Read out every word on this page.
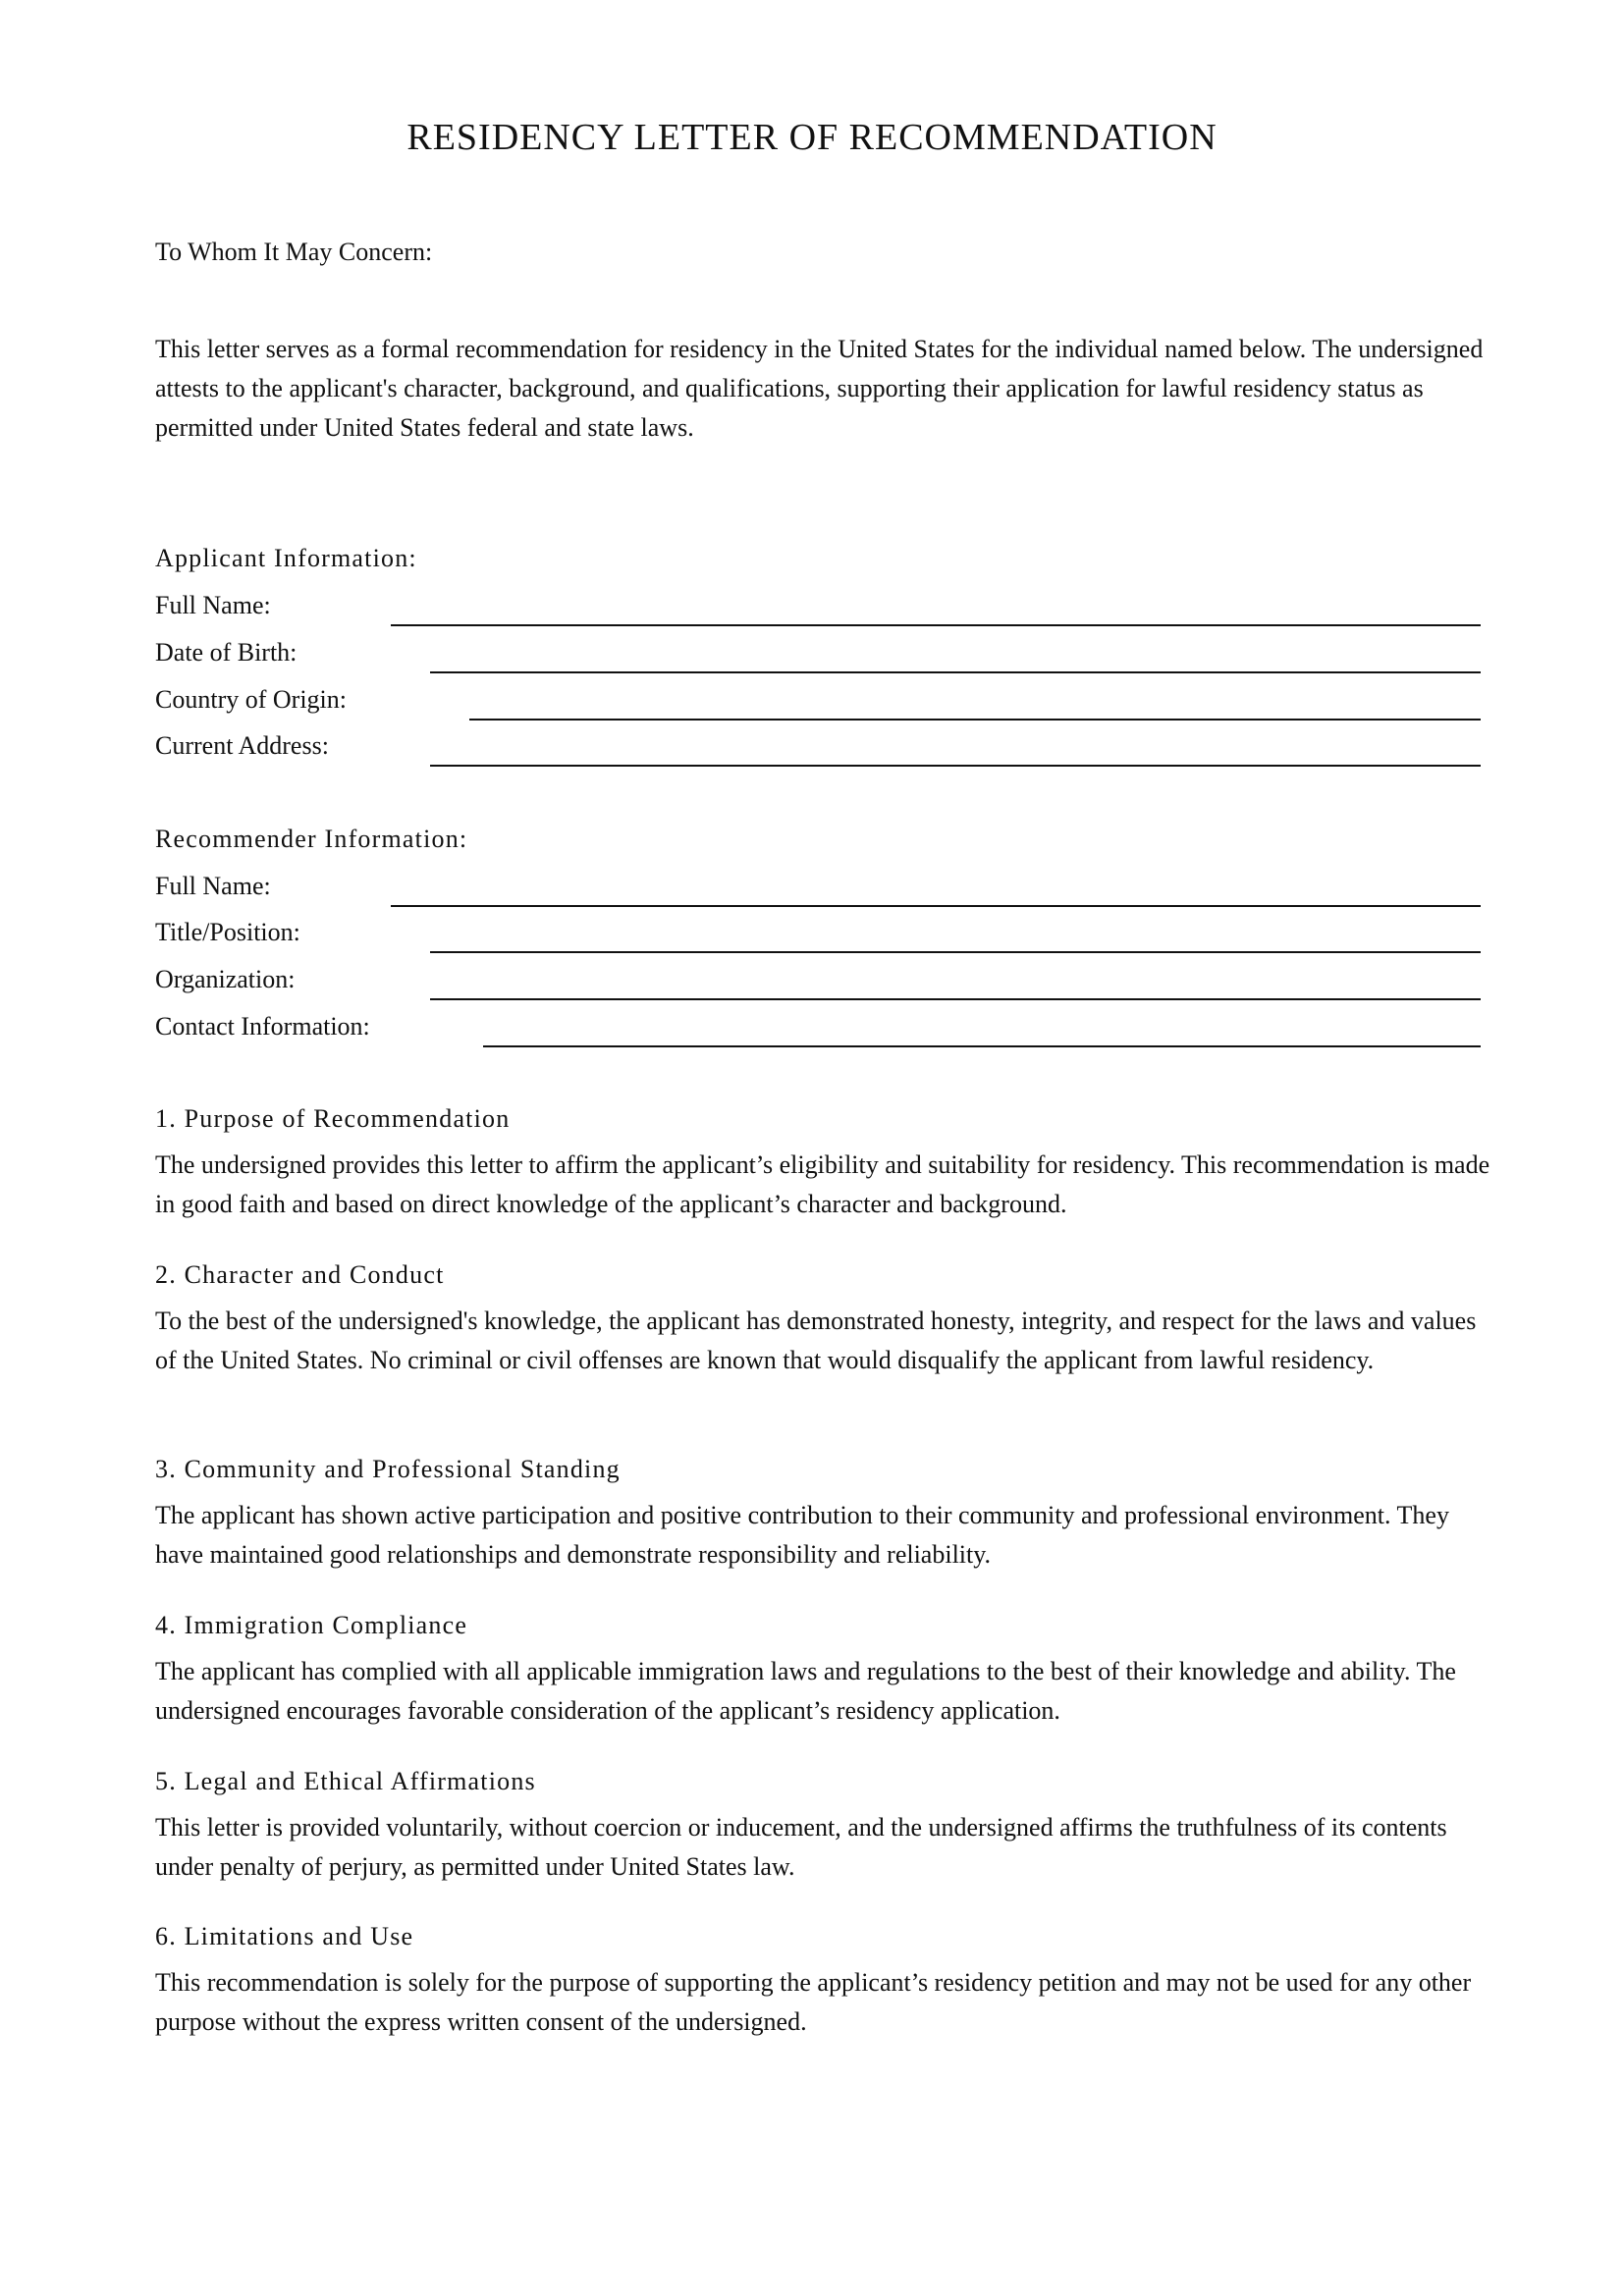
RESIDENCY LETTER OF RECOMMENDATION

To Whom It May Concern:

This letter serves as a formal recommendation for residency in the United States for the individual named below. The undersigned attests to the applicant's character, background, and qualifications, supporting their application for lawful residency status as permitted under United States federal and state laws.

Applicant Information:
Full Name:
Date of Birth:
Country of Origin:
Current Address:
Recommender Information:
Full Name:
Title/Position:
Organization:
Contact Information:
1. Purpose of Recommendation

The undersigned provides this letter to affirm the applicant’s eligibility and suitability for residency. This recommendation is made in good faith and based on direct knowledge of the applicant’s character and background.

2. Character and Conduct

To the best of the undersigned's knowledge, the applicant has demonstrated honesty, integrity, and respect for the laws and values of the United States. No criminal or civil offenses are known that would disqualify the applicant from lawful residency.

3. Community and Professional Standing

The applicant has shown active participation and positive contribution to their community and professional environment. They have maintained good relationships and demonstrate responsibility and reliability.

4. Immigration Compliance

The applicant has complied with all applicable immigration laws and regulations to the best of their knowledge and ability. The undersigned encourages favorable consideration of the applicant’s residency application.

5. Legal and Ethical Affirmations

This letter is provided voluntarily, without coercion or inducement, and the undersigned affirms the truthfulness of its contents under penalty of perjury, as permitted under United States law.

6. Limitations and Use

This recommendation is solely for the purpose of supporting the applicant’s residency petition and may not be used for any other purpose without the express written consent of the undersigned.
